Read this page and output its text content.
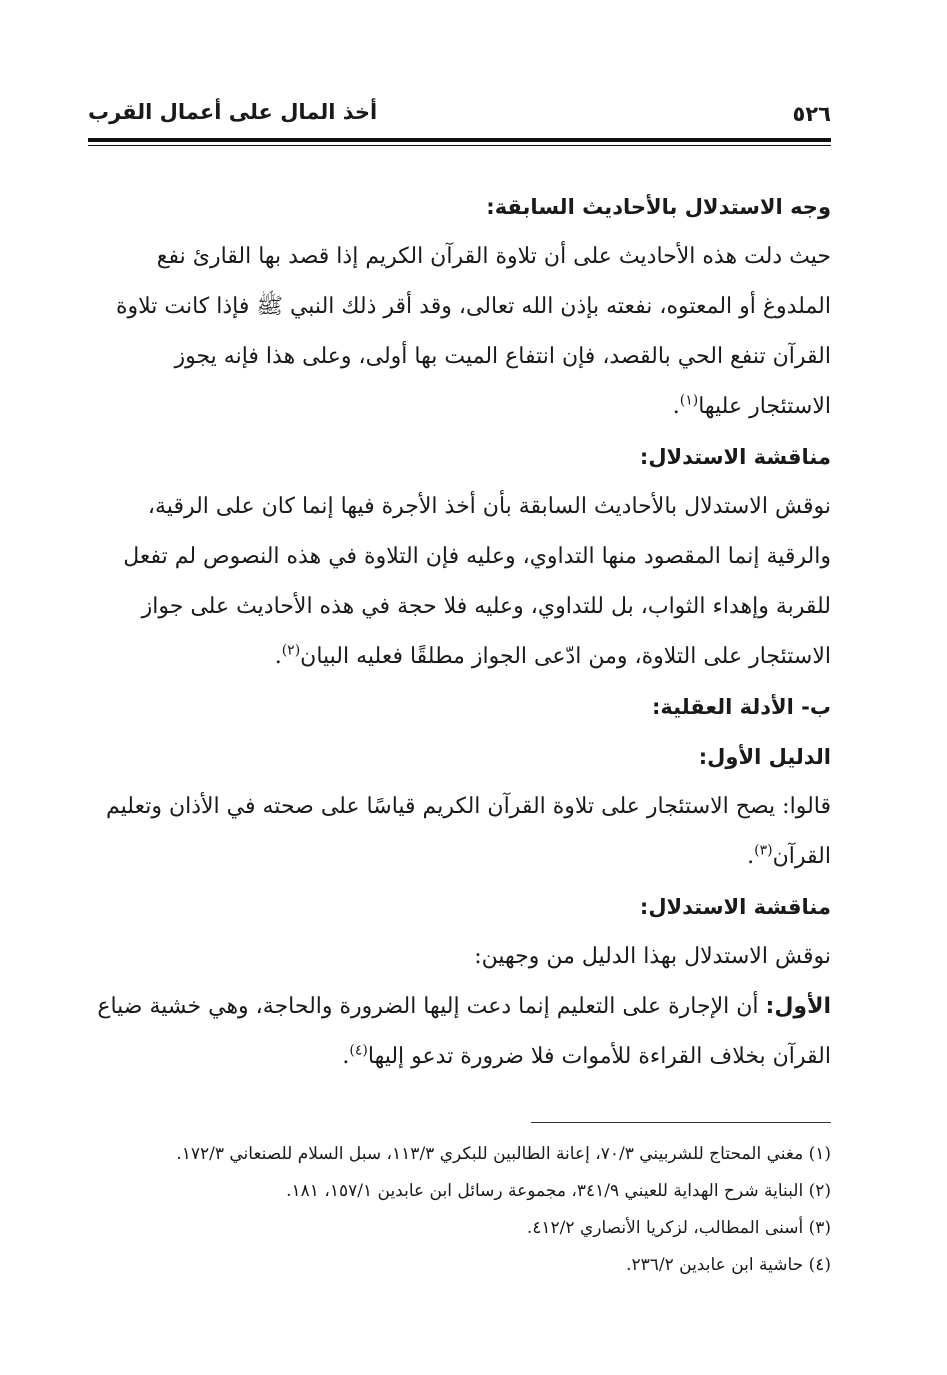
٥٢٦
أخذ المال على أعمال القرب
وجه الاستدلال بالأحاديث السابقة:

حيث دلت هذه الأحاديث على أن تلاوة القرآن الكريم إذا قصد بها القارئ نفع الملدوغ أو المعتوه، نفعته بإذن الله تعالى، وقد أقر ذلك النبي ﷺ فإذا كانت تلاوة القرآن تنفع الحي بالقصد، فإن انتفاع الميت بها أولى، وعلى هذا فإنه يجوز الاستئجار عليها$^{(١)}$.

مناقشة الاستدلال:

نوقش الاستدلال بالأحاديث السابقة بأن أخذ الأجرة فيها إنما كان على الرقية، والرقية إنما المقصود منها التداوي، وعليه فإن التلاوة في هذه النصوص لم تفعل للقربة وإهداء الثواب، بل للتداوي، وعليه فلا حجة في هذه الأحاديث على جواز الاستئجار على التلاوة، ومن ادّعى الجواز مطلقًا فعليه البيان$^{(٢)}$.

ب- الأدلة العقلية:
الدليل الأول:

قالوا: يصح الاستئجار على تلاوة القرآن الكريم قياسًا على صحته في الأذان وتعليم القرآن$^{(٣)}$.

مناقشة الاستدلال:

نوقش الاستدلال بهذا الدليل من وجهين:

الأول: أن الإجارة على التعليم إنما دعت إليها الضرورة والحاجة، وهي خشية ضياع القرآن بخلاف القراءة للأموات فلا ضرورة تدعو إليها$^{(٤)}$.

(١) مغني المحتاج للشربيني ٧٠/٣، إعانة الطالبين للبكري ١١٣/٣، سبل السلام للصنعاني ١٧٢/٣.

(٢) البناية شرح الهداية للعيني ٣٤١/٩، مجموعة رسائل ابن عابدين ١٥٧/١، ١٨١.

(٣) أسنى المطالب، لزكريا الأنصاري ٤١٢/٢.

(٤) حاشية ابن عابدين ٢٣٦/٢.
